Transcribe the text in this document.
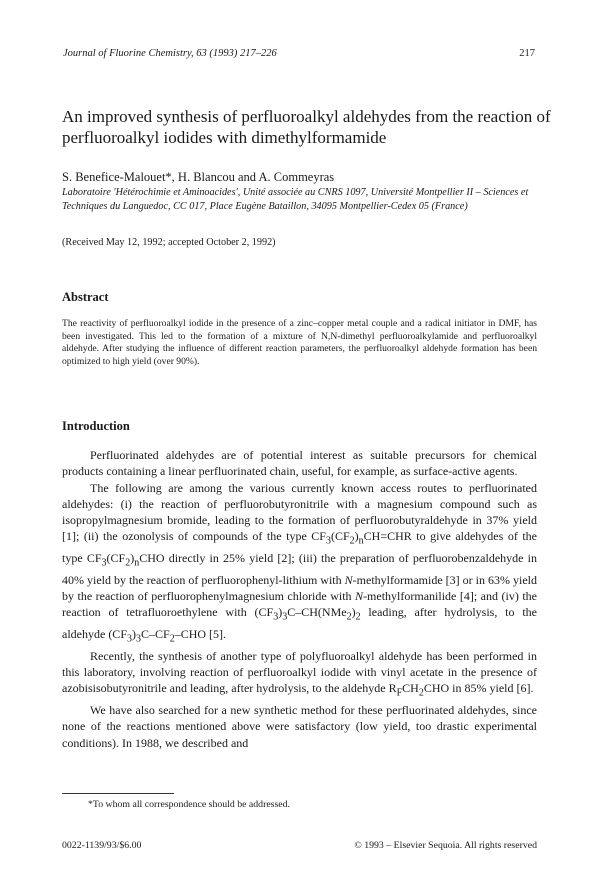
Journal of Fluorine Chemistry, 63 (1993) 217–226	217
An improved synthesis of perfluoroalkyl aldehydes from the reaction of perfluoroalkyl iodides with dimethylformamide
S. Benefice-Malouet*, H. Blancou and A. Commeyras
Laboratoire 'Hétérochimie et Aminoacides', Unité associée au CNRS 1097, Université Montpellier II – Sciences et Techniques du Languedoc, CC 017, Place Eugène Bataillon, 34095 Montpellier-Cedex 05 (France)
(Received May 12, 1992; accepted October 2, 1992)
Abstract
The reactivity of perfluoroalkyl iodide in the presence of a zinc–copper metal couple and a radical initiator in DMF, has been investigated. This led to the formation of a mixture of N,N-dimethyl perfluoroalkylamide and perfluoroalkyl aldehyde. After studying the influence of different reaction parameters, the perfluoroalkyl aldehyde formation has been optimized to high yield (over 90%).
Introduction

Perfluorinated aldehydes are of potential interest as suitable precursors for chemical products containing a linear perfluorinated chain, useful, for example, as surface-active agents.

The following are among the various currently known access routes to perfluorinated aldehydes: (i) the reaction of perfluorobutyronitrile with a magnesium compound such as isopropylmagnesium bromide, leading to the formation of perfluorobutyraldehyde in 37% yield [1]; (ii) the ozonolysis of compounds of the type $CF_3(CF_2)_nCH=CHR$ to give aldehydes of the type $CF_3(CF_2)_nCHO$ directly in 25% yield [2]; (iii) the preparation of perfluorobenzaldehyde in 40% yield by the reaction of perfluorophenyl-lithium with N-methylformamide [3] or in 63% yield by the reaction of perfluorophenylmagnesium chloride with N-methylformanilide [4]; and (iv) the reaction of tetrafluoroethylene with $(CF_3)_3C-CH(NMe_2)_2$ leading, after hydrolysis, to the aldehyde $(CF_3)_3C-CF_2$–CHO [5].

Recently, the synthesis of another type of polyfluoroalkyl aldehyde has been performed in this laboratory, involving reaction of perfluoroalkyl iodide with vinyl acetate in the presence of azobisisobutyronitrile and leading, after hydrolysis, to the aldehyde $R_FCH_2CHO$ in 85% yield [6].

We have also searched for a new synthetic method for these perfluorinated aldehydes, since none of the reactions mentioned above were satisfactory (low yield, too drastic experimental conditions). In 1988, we described and

*To whom all correspondence should be addressed.
0022-1139/93/$6.00	© 1993 – Elsevier Sequoia. All rights reserved
